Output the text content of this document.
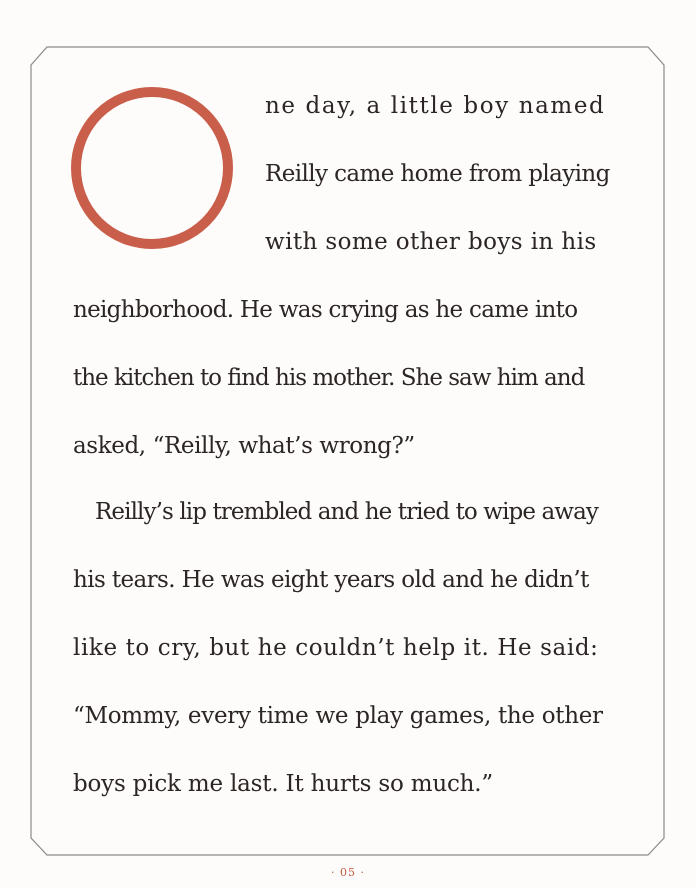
ne day, a little boy named
Reilly came home from playing
with some other boys in his
neighborhood. He was crying as he came into
the kitchen to find his mother. She saw him and
asked, “Reilly, what’s wrong?”
Reilly’s lip trembled and he tried to wipe away
his tears. He was eight years old and he didn’t
like to cry, but he couldn’t help it. He said:
“Mommy, every time we play games, the other
boys pick me last. It hurts so much.”
· 05 ·
